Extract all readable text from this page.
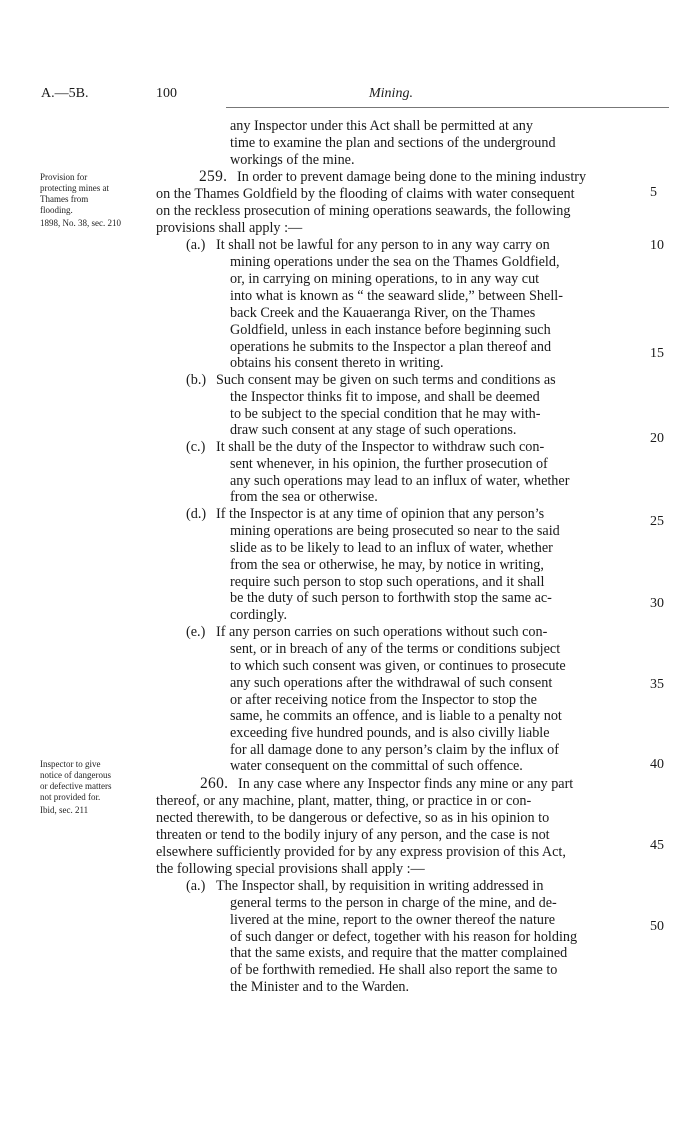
A.—5B.	100	Mining.
Provision for
protecting mines at
Thames from
flooding.
1898, No. 38, sec. 210
Inspector to give
notice of dangerous
or defective matters
not provided for.
Ibid, sec. 211
5
10
15
20
25
30
35
40
45
50
any Inspector under this Act shall be permitted at any
time to examine the plan and sections of the underground
workings of the mine.
259. In order to prevent damage being done to the mining industry
on the Thames Goldfield by the flooding of claims with water consequent
on the reckless prosecution of mining operations seawards, the following
provisions shall apply :—
(a.) It shall not be lawful for any person to in any way carry on
mining operations under the sea on the Thames Goldfield,
or, in carrying on mining operations, to in any way cut
into what is known as “ the seaward slide,” between Shell-
back Creek and the Kauaeranga River, on the Thames
Goldfield, unless in each instance before beginning such
operations he submits to the Inspector a plan thereof and
obtains his consent thereto in writing.
(b.) Such consent may be given on such terms and conditions as
the Inspector thinks fit to impose, and shall be deemed
to be subject to the special condition that he may with-
draw such consent at any stage of such operations.
(c.) It shall be the duty of the Inspector to withdraw such con-
sent whenever, in his opinion, the further prosecution of
any such operations may lead to an influx of water, whether
from the sea or otherwise.
(d.) If the Inspector is at any time of opinion that any person’s
mining operations are being prosecuted so near to the said
slide as to be likely to lead to an influx of water, whether
from the sea or otherwise, he may, by notice in writing,
require such person to stop such operations, and it shall
be the duty of such person to forthwith stop the same ac-
cordingly.
(e.) If any person carries on such operations without such con-
sent, or in breach of any of the terms or conditions subject
to which such consent was given, or continues to prosecute
any such operations after the withdrawal of such consent
or after receiving notice from the Inspector to stop the
same, he commits an offence, and is liable to a penalty not
exceeding five hundred pounds, and is also civilly liable
for all damage done to any person’s claim by the influx of
water consequent on the committal of such offence.
260. In any case where any Inspector finds any mine or any part
thereof, or any machine, plant, matter, thing, or practice in or con-
nected therewith, to be dangerous or defective, so as in his opinion to
threaten or tend to the bodily injury of any person, and the case is not
elsewhere sufficiently provided for by any express provision of this Act,
the following special provisions shall apply :—
(a.) The Inspector shall, by requisition in writing addressed in
general terms to the person in charge of the mine, and de-
livered at the mine, report to the owner thereof the nature
of such danger or defect, together with his reason for holding
that the same exists, and require that the matter complained
of be forthwith remedied. He shall also report the same to
the Minister and to the Warden.
